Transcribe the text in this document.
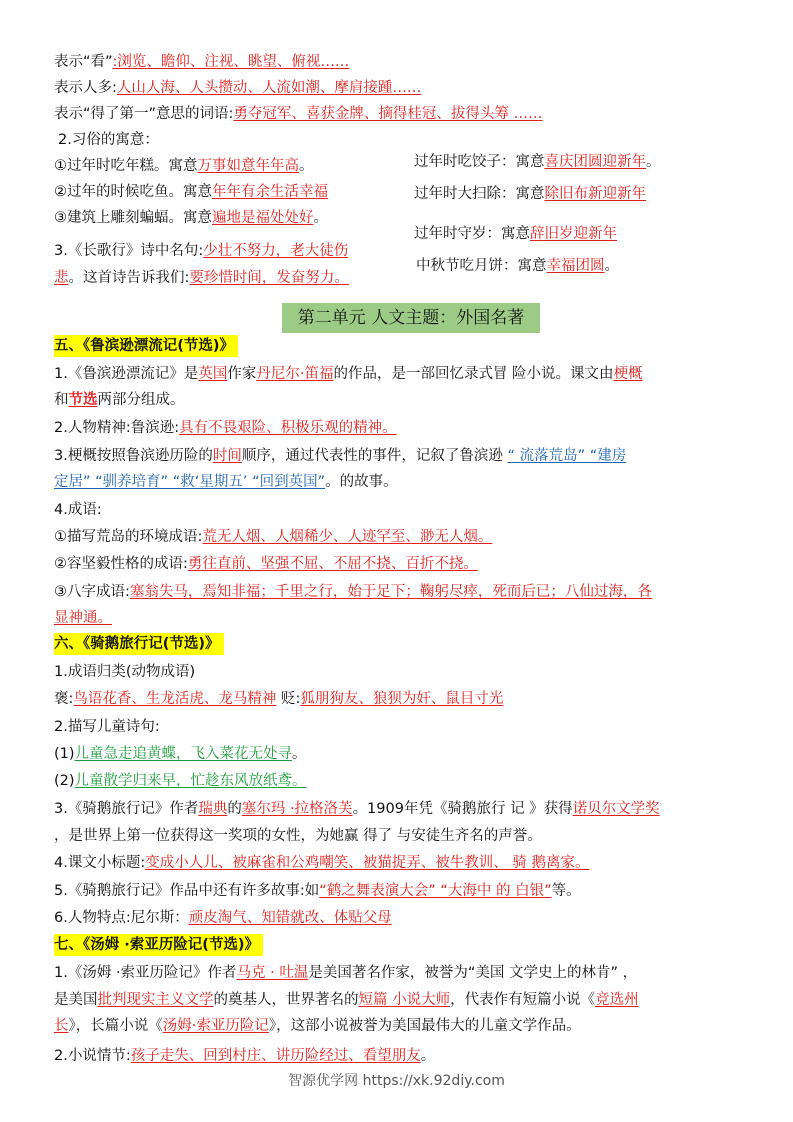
表示“看”:浏览、瞻仰、注视、眺望、俯视……
表示人多:人山人海、人头攒动、人流如潮、摩肩接踵……
表示“得了第一”意思的词语:勇夺冠军、喜获金牌、摘得桂冠、拔得头筹 ……
2.习俗的寓意：
①过年时吃年糕。寓意万事如意年年高。
②过年的时候吃鱼。寓意年年有余生活幸福
③建筑上雕刻蝙蝠。寓意遍地是福处处好。
过年时吃饺子：寓意喜庆团圆迎新年。
过年时大扫除：寓意除旧布新迎新年
过年时守岁：寓意辞旧岁迎新年
中秋节吃月饼：寓意幸福团圆。
3.《长歌行》诗中名句:少壮不努力，老大徒伤
悲。这首诗告诉我们:要珍惜时间，发奋努力。
第二单元 人文主题：外国名著
五、《鲁滨逊漂流记(节选)》
1.《鲁滨逊漂流记》是英国作家丹尼尔·笛福的作品，是一部回忆录式冒 险小说。课文由梗概
和节选两部分组成。
2.人物精神:鲁滨逊:具有不畏艰险、积极乐观的精神。
3.梗概按照鲁滨逊历险的时间顺序，通过代表性的事件，记叙了鲁滨逊 “ 流落荒岛” “建房
定居” “驯养培育” “救‘星期五’ “回到英国”。的故事。
4.成语:
①描写荒岛的环境成语:荒无人烟、人烟稀少、人迹罕至、渺无人烟。
②容坚毅性格的成语:勇往直前、坚强不屈、不屈不挠、百折不挠。
③八字成语:塞翁失马，焉知非福；千里之行，始于足下；鞠躬尽瘁，死而后已；八仙过海，各
显神通。
六、《骑鹅旅行记(节选)》
1.成语归类(动物成语)
褒:鸟语花香、生龙活虎、龙马精神 贬:狐朋狗友、狼狈为奸、鼠目寸光
2.描写儿童诗句:
(1)儿童急走追黄蝶，飞入菜花无处寻。
(2)儿童散学归来早，忙趁东风放纸鸢。
3.《骑鹅旅行记》作者瑞典的塞尔玛 ·拉格洛芙。1909年凭《骑鹅旅行 记 》获得诺贝尔文学奖
，是世界上第一位获得这一奖项的女性，为她赢 得了 与安徒生齐名的声誉。
4.课文小标题:变成小人儿、被麻雀和公鸡嘲笑、被猫捉弄、被牛教训、 骑 鹅离家。
5.《骑鹅旅行记》作品中还有许多故事:如“鹤之舞表演大会” “大海中 的 白银”等。
6.人物特点:尼尔斯：顽皮淘气、知错就改、体贴父母
七、《汤姆 ·索亚历险记(节选)》
1.《汤姆 ·索亚历险记》作者马克 · 吐温是美国著名作家，被誉为“美国 文学史上的林肯” ，
是美国批判现实主义文学的奠基人，世界著名的短篇 小说大师，代表作有短篇小说《竞选州
长》，长篇小说《汤姆·索亚历险记》，这部小说被誉为美国最伟大的儿童文学作品。
2.小说情节:孩子走失、回到村庄、讲历险经过、看望朋友。
智源优学网 https://xk.92diy.com
